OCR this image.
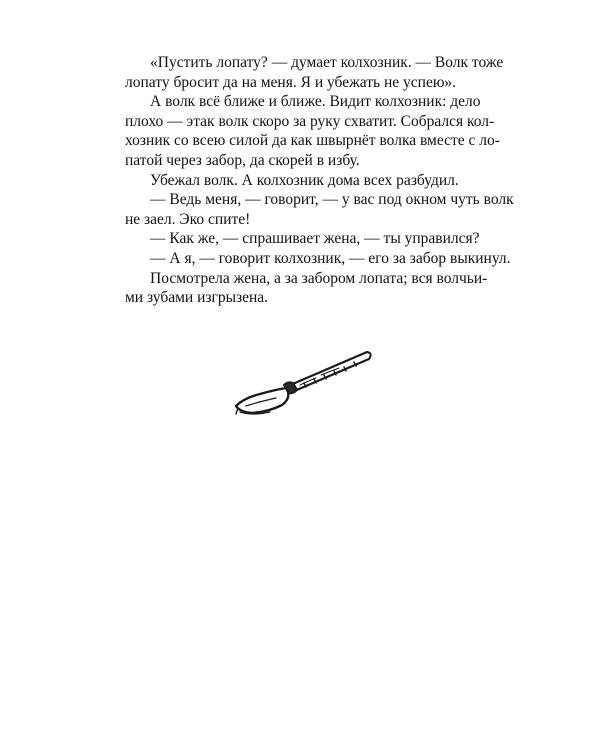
«Пустить лопату? — думает колхозник. — Волк тоже
лопату бросит да на меня. Я и убежать не успею».
А волк всё ближе и ближе. Видит колхозник: дело
плохо — этак волк скоро за руку схватит. Собрался кол-
хозник со всею силой да как швырнёт волка вместе с ло-
патой через забор, да скорей в избу.
Убежал волк. А колхозник дома всех разбудил.
— Ведь меня, — говорит, — у вас под окном чуть волк
не заел. Эко спите!
— Как же, — спрашивает жена, — ты управился?
— А я, — говорит колхозник, — его за забор выкинул.
Посмотрела жена, а за забором лопата; вся волчьи-
ми зубами изгрызена.
